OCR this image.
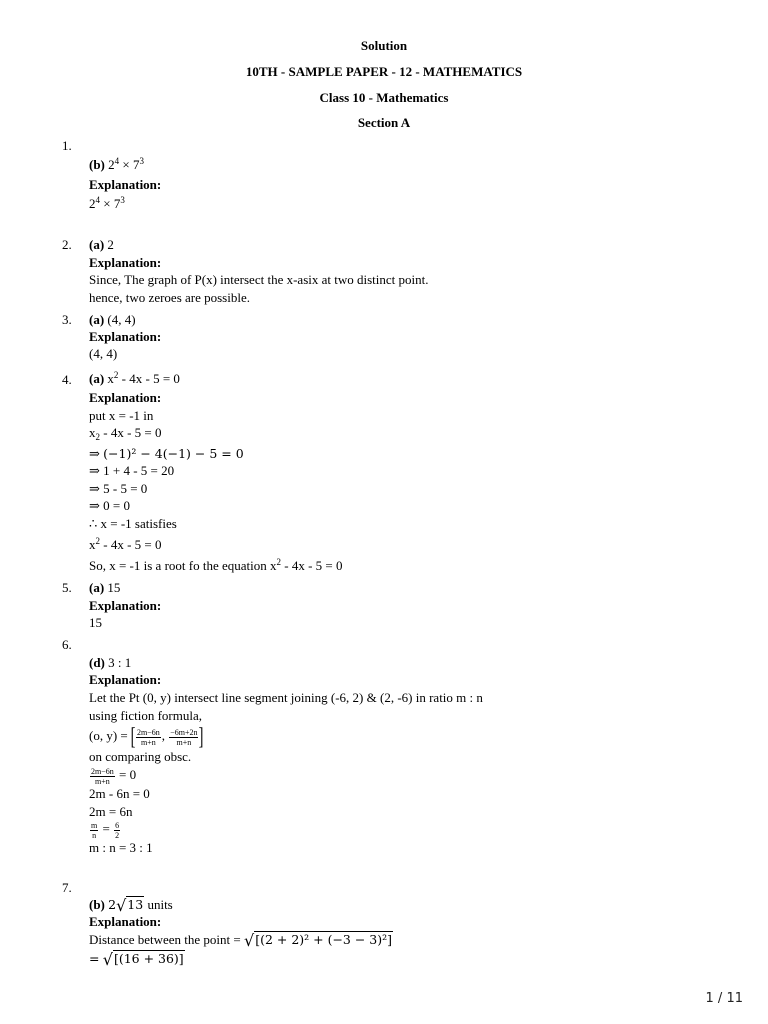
Solution
10TH - SAMPLE PAPER - 12 - MATHEMATICS
Class 10 - Mathematics
Section A
1.
(b) $2^4 \times 7^3$
Explanation:
$2^4 \times 7^3$
2. (a) 2
Explanation:
Since, The graph of P(x) intersect the x-asix at two distinct point.
hence, two zeroes are possible.
3. (a) (4, 4)
Explanation:
(4, 4)
4. (a) $x^2 - 4x - 5 = 0$
Explanation:
put x = -1 in
$x_2 - 4x - 5 = 0$
⇒ (−1)² − 4(−1) − 5 = 0
⇒ 1 + 4 - 5 = 20
⇒ 5 - 5 = 0
⇒ 0 = 0
∴ x = -1 satisfies
$x^2 - 4x - 5 = 0$
So, x = -1 is a root fo the equation $x^2 - 4x - 5 = 0$
5. (a) 15
Explanation:
15
6.
(d) 3 : 1
Explanation:
Let the Pt (0, y) intersect line segment joining (-6, 2) & (2, -6) in ratio m : n
using fiction formula,
(o, y) = [ $\frac{2m-6n}{m+n}$ , $\frac{-6m+2n}{m+n}$ ]
on comparing obsc.
$\frac{2m-6n}{m+n} = 0$
2m - 6n = 0
2m = 6n
$\frac{m}{n} = \frac{6}{2}$
m : n = 3 : 1
7.
(b) 2√13 units
Explanation:
Distance between the point = √[(2 + 2)² + (−3 − 3)²]
= √[(16 + 36)]
1 / 11
